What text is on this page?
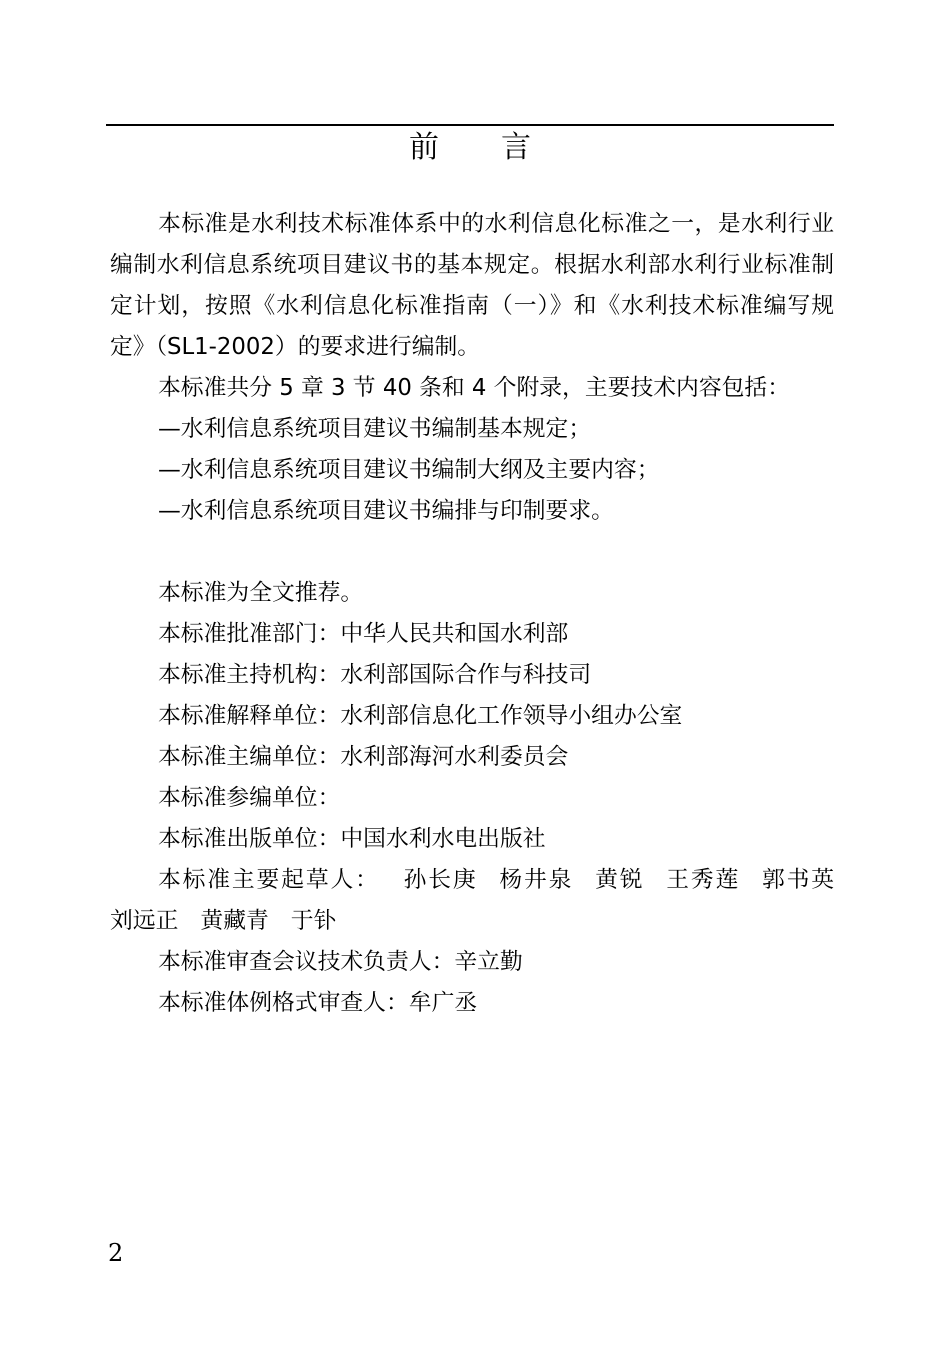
前 言

本标准是水利技术标准体系中的水利信息化标准之一，是水利行业编制水利信息系统项目建议书的基本规定。根据水利部水利行业标准制定计划，按照《水利信息化标准指南（一）》和《水利技术标准编写规定》（SL1-2002）的要求进行编制。

本标准共分 5 章 3 节 40 条和 4 个附录，主要技术内容包括：

—水利信息系统项目建议书编制基本规定；

—水利信息系统项目建议书编制大纲及主要内容；

—水利信息系统项目建议书编排与印制要求。

本标准为全文推荐。

本标准批准部门：中华人民共和国水利部

本标准主持机构：水利部国际合作与科技司

本标准解释单位：水利部信息化工作领导小组办公室

本标准主编单位：水利部海河水利委员会

本标准参编单位：

本标准出版单位：中国水利水电出版社

本标准主要起草人： 孙长庚 杨井泉 黄锐 王秀莲 郭书英

刘远正 黄藏青 于钋

本标准审查会议技术负责人：辛立勤

本标准体例格式审查人：牟广丞

2
